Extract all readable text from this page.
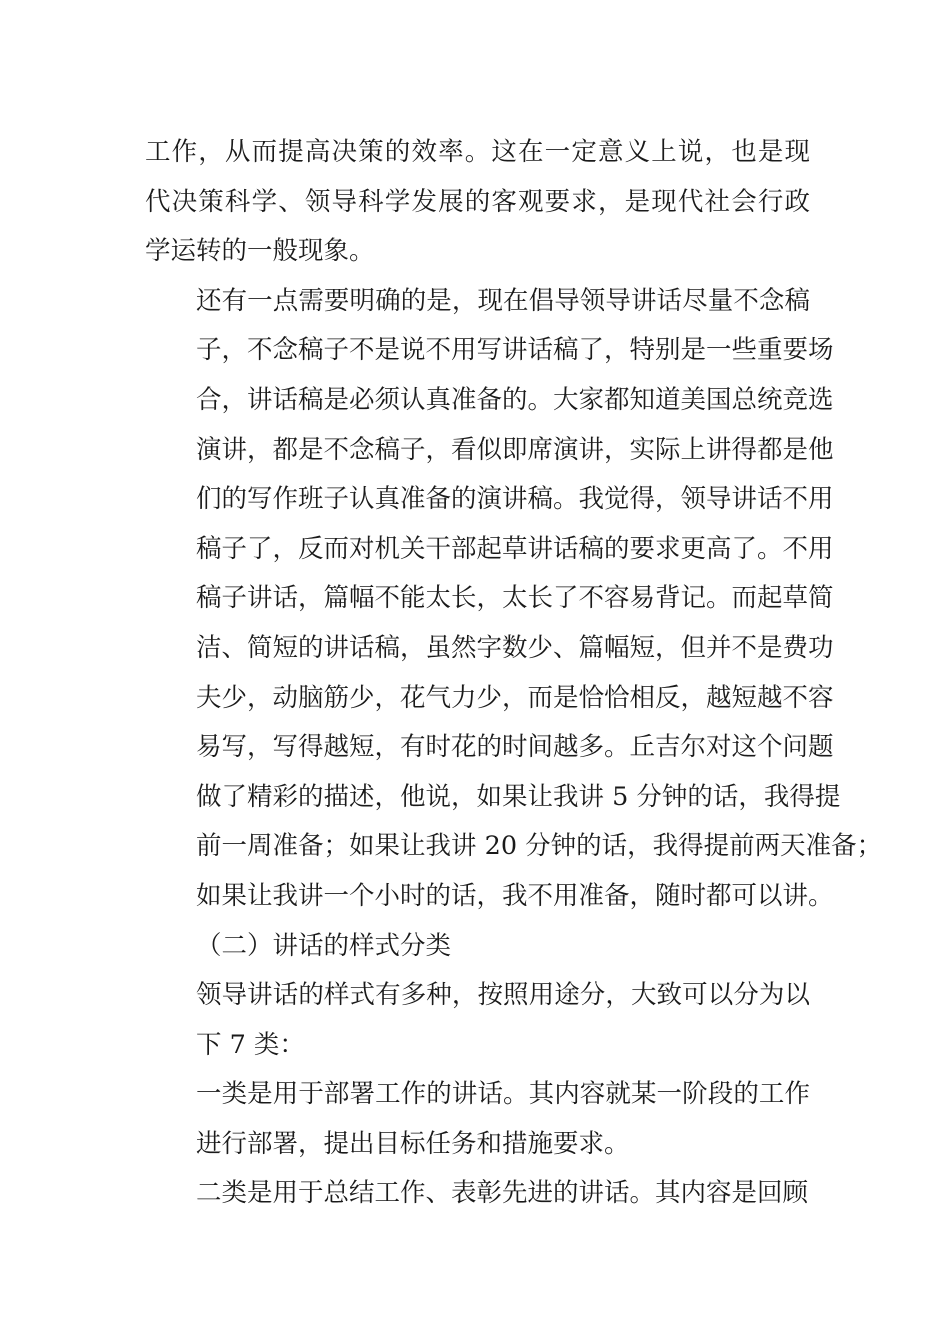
工作，从而提高决策的效率。这在一定意义上说，也是现
代决策科学、领导科学发展的客观要求，是现代社会行政
学运转的一般现象。
还有一点需要明确的是，现在倡导领导讲话尽量不念稿
子，不念稿子不是说不用写讲话稿了，特别是一些重要场
合，讲话稿是必须认真准备的。大家都知道美国总统竞选
演讲，都是不念稿子，看似即席演讲，实际上讲得都是他
们的写作班子认真准备的演讲稿。我觉得，领导讲话不用
稿子了，反而对机关干部起草讲话稿的要求更高了。不用
稿子讲话，篇幅不能太长，太长了不容易背记。而起草简
洁、简短的讲话稿，虽然字数少、篇幅短，但并不是费功
夫少，动脑筋少，花气力少，而是恰恰相反，越短越不容
易写，写得越短，有时花的时间越多。丘吉尔对这个问题
做了精彩的描述，他说，如果让我讲 5 分钟的话，我得提
前一周准备；如果让我讲 20 分钟的话，我得提前两天准备；
如果让我讲一个小时的话，我不用准备，随时都可以讲。
（二）讲话的样式分类
领导讲话的样式有多种，按照用途分，大致可以分为以
下 7 类：
一类是用于部署工作的讲话。其内容就某一阶段的工作
进行部署，提出目标任务和措施要求。
二类是用于总结工作、表彰先进的讲话。其内容是回顾
